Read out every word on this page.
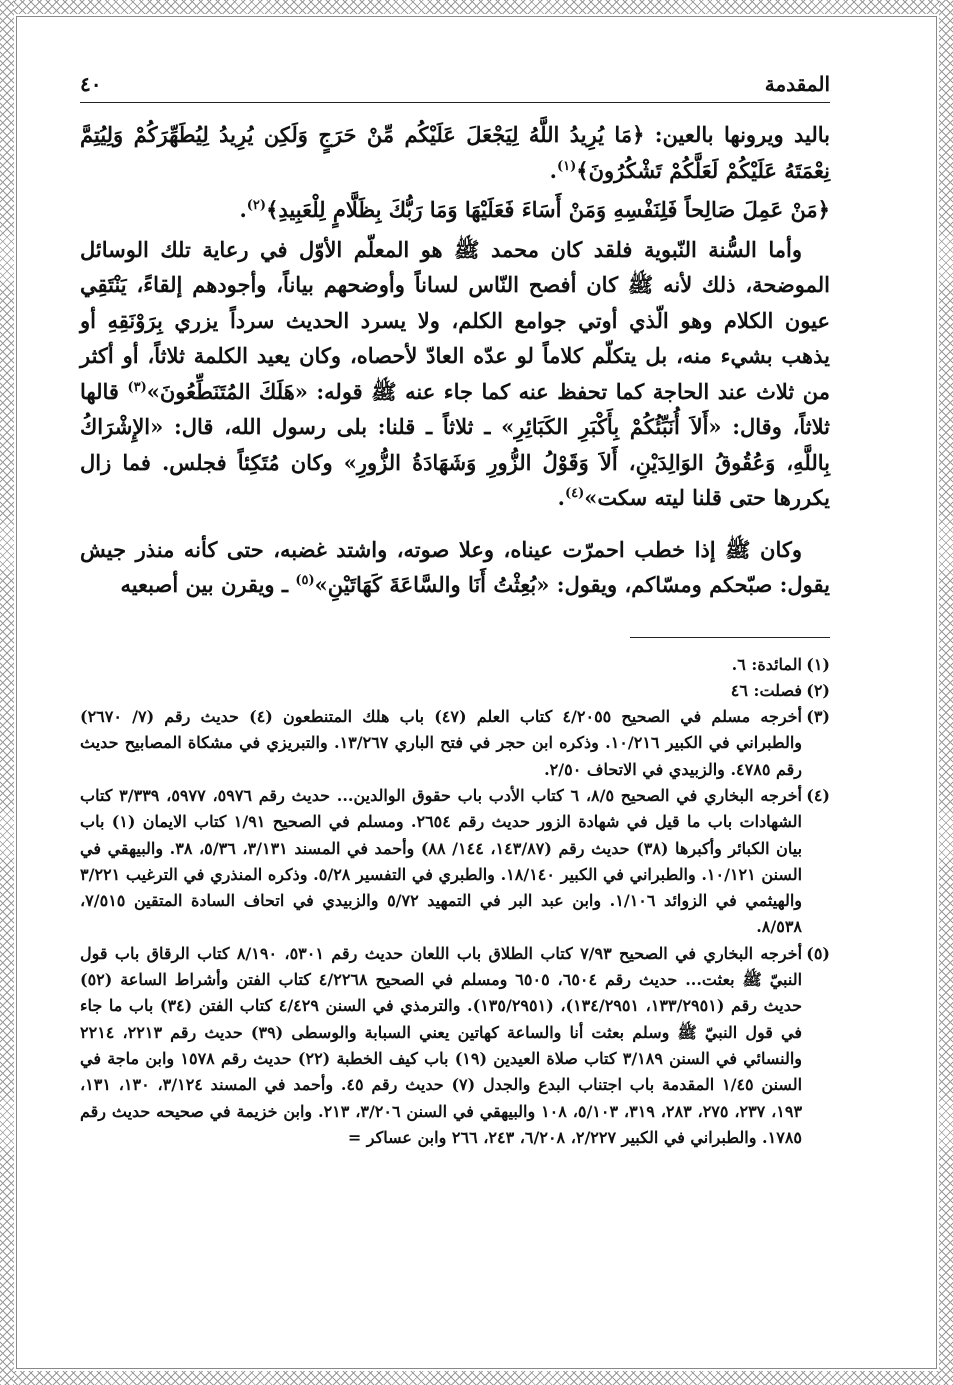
المقدمة
٤٠

باليد ويرونها بالعين: ﴿مَا يُرِيدُ اللَّهُ لِيَجْعَلَ عَلَيْكُم مِّنْ حَرَجٍ وَلَكِن يُرِيدُ لِيُطَهِّرَكُمْ وَلِيُتِمَّ نِعْمَتَهُ عَلَيْكُمْ لَعَلَّكُمْ تَشْكُرُونَ﴾$^{(١)}$.

﴿مَنْ عَمِلَ صَالِحاً فَلِنَفْسِهِ وَمَنْ أَسَاءَ فَعَلَيْهَا وَمَا رَبُّكَ بِظَلَّامٍ لِلْعَبِيدِ﴾$^{(٢)}$.

وأما السُّنة النّبوية فلقد كان محمد ﷺ هو المعلّم الأوّل في رعاية تلك الوسائل الموضحة، ذلك لأنه ﷺ كان أفصح النّاس لساناً وأوضحهم بياناً، وأجودهم إلقاءً، يَنْتَقِي عيون الكلام وهو الّذي أوتي جوامع الكلم، ولا يسرد الحديث سرداً يزري بِرَوْنَقِهِ أو يذهب بشيء منه، بل يتكلّم كلاماً لو عدّه العادّ لأحصاه، وكان يعيد الكلمة ثلاثاً، أو أكثر من ثلاث عند الحاجة كما تحفظ عنه كما جاء عنه ﷺ قوله: «هَلَكَ المُتَنَطِّعُونَ»$^{(٣)}$ قالها ثلاثاً، وقال: «أَلاَ أُنَبِّئُكُمْ بِأَكْبَرِ الكَبَائِرِ» ـ ثلاثاً ـ قلنا: بلى رسول الله، قال: «الإِشْرَاكُ بِاللَّهِ، وَعُقُوقُ الوَالِدَيْنِ، أَلاَ وَقَوْلُ الزُّورِ وَشَهَادَةُ الزُّورِ» وكان مُتَكِئاً فجلس. فما زال يكررها حتى قلنا ليته سكت»$^{(٤)}$.

وكان ﷺ إذا خطب احمرّت عيناه، وعلا صوته، واشتد غضبه، حتى كأنه منذر جيش يقول: صبّحكم ومسّاكم، ويقول: «بُعِثْتُ أَنَا والسَّاعَةَ كَهَاتَيْنِ»$^{(٥)}$ ـ ويقرن بين أصبعيه

(١)
المائدة: ٦.
(٢)
فصلت: ٤٦
(٣)
أخرجه مسلم في الصحيح ٤/٢٠٥٥ كتاب العلم (٤٧) باب هلك المتنطعون (٤) حديث رقم (٧/ ٢٦٧٠) والطبراني في الكبير ١٠/٢١٦. وذكره ابن حجر في فتح الباري ١٣/٢٦٧. والتبريزي في مشكاة المصابيح حديث رقم ٤٧٨٥. والزبيدي في الاتحاف ٢/٥٠.
(٤)
أخرجه البخاري في الصحيح ٨/٥، ٦ كتاب الأدب باب حقوق الوالدين... حديث رقم ٥٩٧٦، ٥٩٧٧، ٣/٣٣٩ كتاب الشهادات باب ما قيل في شهادة الزور حديث رقم ٢٦٥٤. ومسلم في الصحيح ١/٩١ كتاب الايمان (١) باب بيان الكبائر وأكبرها (٣٨) حديث رقم (١٤٣/٨٧، ١٤٤/ ٨٨) وأحمد في المسند ٣/١٣١، ٥/٣٦، ٣٨. والبيهقي في السنن ١٠/١٢١. والطبراني في الكبير ١٨/١٤٠. والطبري في التفسير ٥/٢٨. وذكره المنذري في الترغيب ٣/٢٢١ والهيثمي في الزوائد ١/١٠٦. وابن عبد البر في التمهيد ٥/٧٢ والزبيدي في اتحاف السادة المتقين ٧/٥١٥، ٨/٥٣٨.
(٥)
أخرجه البخاري في الصحيح ٧/٩٣ كتاب الطلاق باب اللعان حديث رقم ٥٣٠١، ٨/١٩٠ كتاب الرقاق باب قول النبيّ ﷺ بعثت... حديث رقم ٦٥٠٤، ٦٥٠٥ ومسلم في الصحيح ٤/٢٢٦٨ كتاب الفتن وأشراط الساعة (٥٢) حديث رقم (١٣٣/٢٩٥١، ١٣٤/٢٩٥١)، (١٣٥/٢٩٥١). والترمذي في السنن ٤/٤٢٩ كتاب الفتن (٣٤) باب ما جاء في قول النبيّ ﷺ وسلم بعثت أنا والساعة كهاتين يعني السبابة والوسطى (٣٩) حديث رقم ٢٢١٣، ٢٢١٤ والنسائي في السنن ٣/١٨٩ كتاب صلاة العيدين (١٩) باب كيف الخطبة (٢٢) حديث رقم ١٥٧٨ وابن ماجة في السنن ١/٤٥ المقدمة باب اجتناب البدع والجدل (٧) حديث رقم ٤٥. وأحمد في المسند ٣/١٢٤، ١٣٠، ١٣١، ١٩٣، ٢٣٧، ٢٧٥، ٢٨٣، ٣١٩، ٥/١٠٣، ١٠٨ والبيهقي في السنن ٣/٢٠٦، ٢١٣. وابن خزيمة في صحيحه حديث رقم ١٧٨٥. والطبراني في الكبير ٢/٢٢٧، ٦/٢٠٨، ٢٤٣، ٢٦٦ وابن عساكر =
